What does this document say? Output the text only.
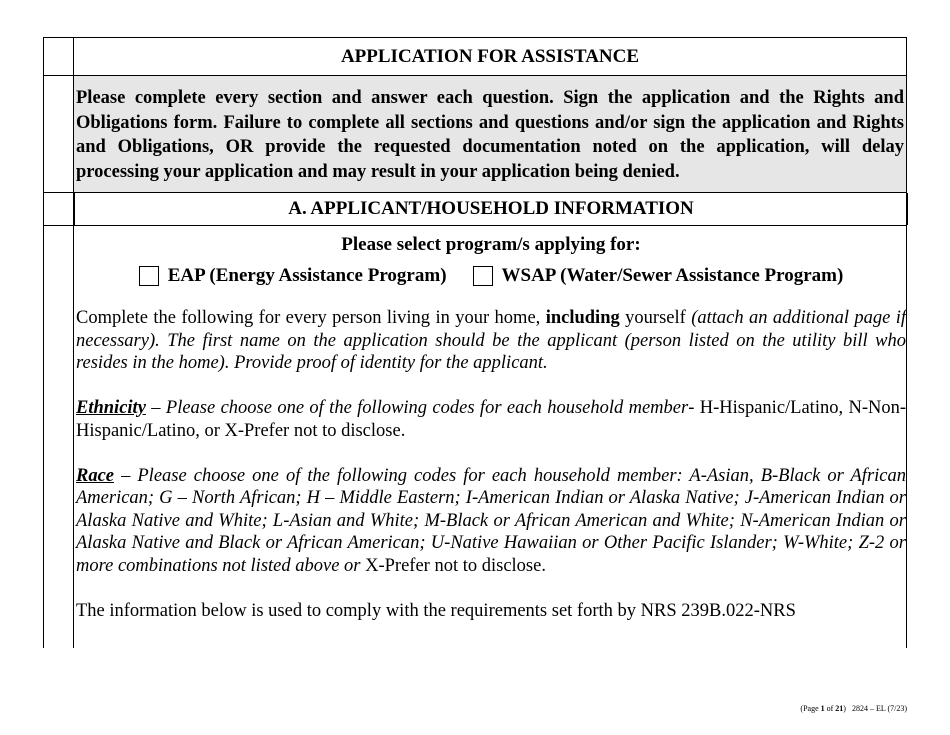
APPLICATION FOR ASSISTANCE
Please complete every section and answer each question. Sign the application and the Rights and Obligations form. Failure to complete all sections and questions and/or sign the application and Rights and Obligations, OR provide the requested documentation noted on the application, will delay processing your application and may result in your application being denied.
A. APPLICANT/HOUSEHOLD INFORMATION
Please select program/s applying for:
EAP (Energy Assistance Program)	WSAP (Water/Sewer Assistance Program)

Complete the following for every person living in your home, including yourself (attach an additional page if necessary). The first name on the application should be the applicant (person listed on the utility bill who resides in the home). Provide proof of identity for the applicant.

Ethnicity – Please choose one of the following codes for each household member- H-Hispanic/Latino, N-Non-Hispanic/Latino, or X-Prefer not to disclose.

Race – Please choose one of the following codes for each household member: A-Asian, B-Black or African American; G – North African; H – Middle Eastern; I-American Indian or Alaska Native; J-American Indian or Alaska Native and White; L-Asian and White; M-Black or African American and White; N-American Indian or Alaska Native and Black or African American; U-Native Hawaiian or Other Pacific Islander; W-White; Z-2 or more combinations not listed above or X-Prefer not to disclose.

The information below is used to comply with the requirements set forth by NRS 239B.022-NRS

(Page 1 of 21) 2824 – EL (7/23)
